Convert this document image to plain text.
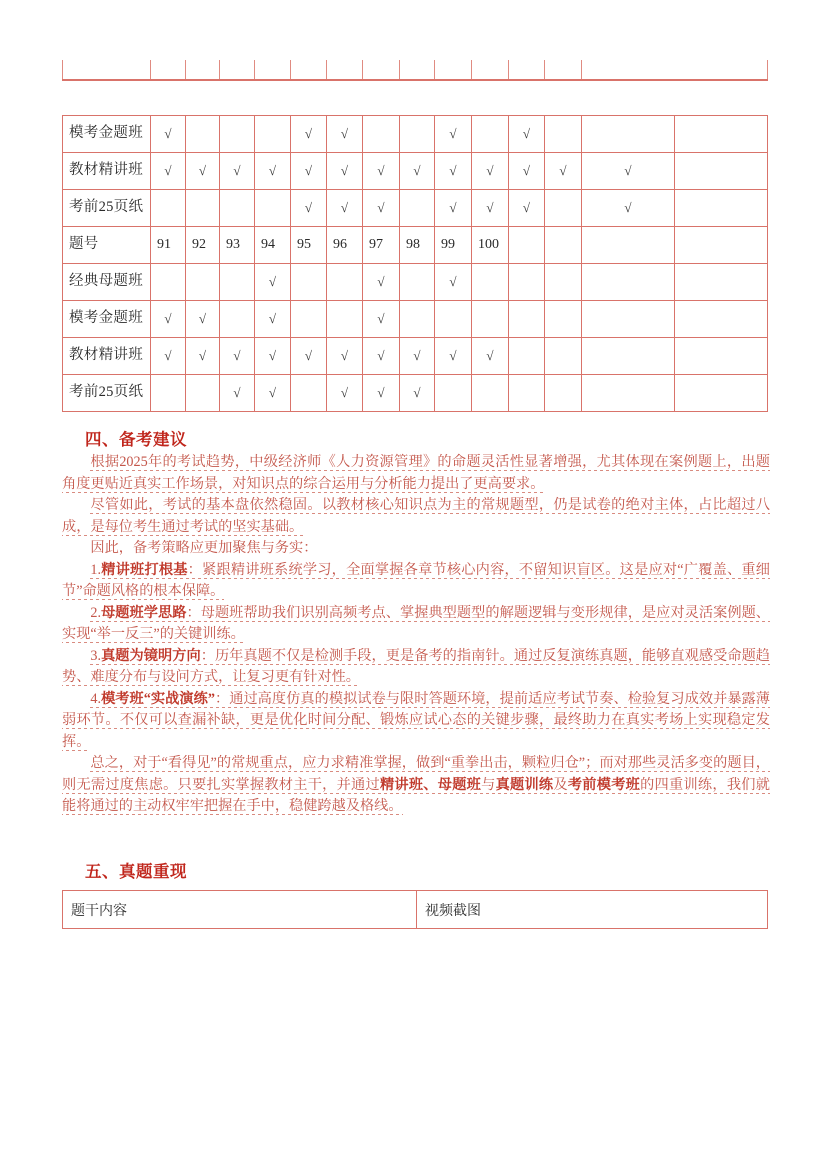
模考金题班	√				√	√			√		√			
教材精讲班	√	√	√	√	√	√	√	√	√	√	√	√	√	
考前25页纸					√	√	√		√	√	√		√	
题号	91	92	93	94	95	96	97	98	99	100				
经典母题班				√			√		√					
模考金题班	√	√		√			√							
教材精讲班	√	√	√	√	√	√	√	√	√	√				
考前25页纸			√	√		√	√	√						
四、备考建议

根据2025年的考试趋势，中级经济师《人力资源管理》的命题灵活性显著增强，尤其体现在案例题上，出题角度更贴近真实工作场景，对知识点的综合运用与分析能力提出了更高要求。

尽管如此，考试的基本盘依然稳固。以教材核心知识点为主的常规题型，仍是试卷的绝对主体，占比超过八成，是每位考生通过考试的坚实基础。

因此，备考策略应更加聚焦与务实：

1.精讲班打根基：紧跟精讲班系统学习，全面掌握各章节核心内容，不留知识盲区。这是应对“广覆盖、重细节”命题风格的根本保障。

2.母题班学思路：母题班帮助我们识别高频考点、掌握典型题型的解题逻辑与变形规律，是应对灵活案例题、实现“举一反三”的关键训练。

3.真题为镜明方向：历年真题不仅是检测手段，更是备考的指南针。通过反复演练真题，能够直观感受命题趋势、难度分布与设问方式，让复习更有针对性。

4.模考班“实战演练”：通过高度仿真的模拟试卷与限时答题环境，提前适应考试节奏、检验复习成效并暴露薄弱环节。不仅可以查漏补缺，更是优化时间分配、锻炼应试心态的关键步骤，最终助力在真实考场上实现稳定发挥。

总之，对于“看得见”的常规重点，应力求精准掌握，做到“重拳出击，颗粒归仓”；而对那些灵活多变的题目，则无需过度焦虑。只要扎实掌握教材主干，并通过精讲班、母题班与真题训练及考前模考班的四重训练，我们就能将通过的主动权牢牢把握在手中，稳健跨越及格线。

五、真题重现
题干内容	视频截图
